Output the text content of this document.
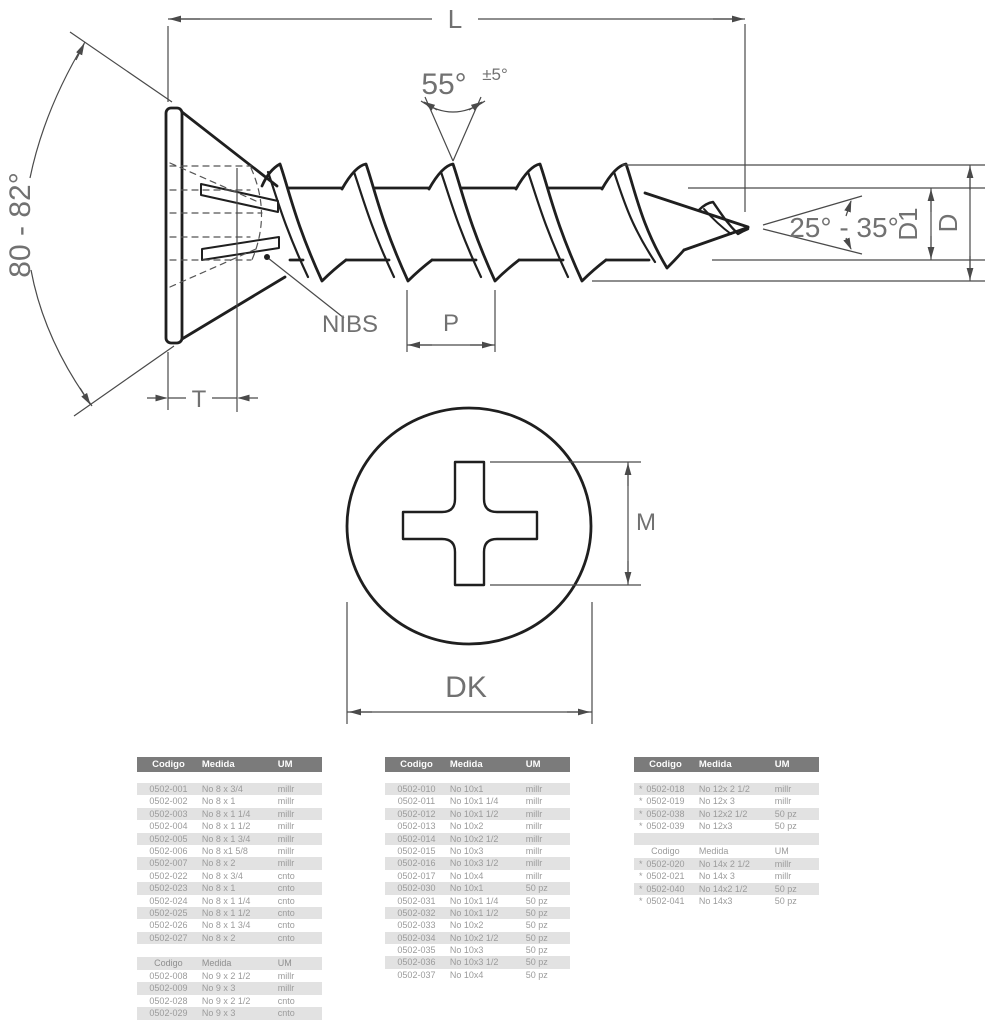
L
55° ±5°
80 - 82°	25° - 35°
D1 D
NIBS	P
T
M
DK
Codigo	Medida	UM
0502-001	No 8 x 3/4	millr
0502-002	No 8 x 1	millr
0502-003	No 8 x 1 1/4	millr
0502-004	No 8 x 1 1/2	millr
0502-005	No 8 x 1 3/4	millr
0502-006	No 8 x1 5/8	millr
0502-007	No 8 x 2	millr
0502-022	No 8 x 3/4	cnto
0502-023	No 8 x 1	cnto
0502-024	No 8 x 1 1/4	cnto
0502-025	No 8 x 1 1/2	cnto
0502-026	No 8 x 1 3/4	cnto
0502-027	No 8 x 2	cnto
Codigo	Medida	UM
0502-008	No 9 x 2 1/2	millr
0502-009	No 9 x 3	millr
0502-028	No 9 x 2 1/2	cnto
0502-029	No 9 x 3	cnto
Codigo	Medida	UM
0502-010	No 10x1	millr
0502-011	No 10x1 1/4	millr
0502-012	No 10x1 1/2	millr
0502-013	No 10x2	millr
0502-014	No 10x2 1/2	millr
0502-015	No 10x3	millr
0502-016	No 10x3 1/2	millr
0502-017	No 10x4	millr
0502-030	No 10x1	50 pz
0502-031	No 10x1 1/4	50 pz
0502-032	No 10x1 1/2	50 pz
0502-033	No 10x2	50 pz
0502-034	No 10x2 1/2	50 pz
0502-035	No 10x3	50 pz
0502-036	No 10x3 1/2	50 pz
0502-037	No 10x4	50 pz
Codigo	Medida	UM
* 0502-018	No 12x 2 1/2	millr
* 0502-019	No 12x 3	millr
* 0502-038	No 12x2 1/2	50 pz
* 0502-039	No 12x3	50 pz
Codigo	Medida	UM
* 0502-020	No 14x 2 1/2	millr
* 0502-021	No 14x 3	millr
* 0502-040	No 14x2 1/2	50 pz
* 0502-041	No 14x3	50 pz
